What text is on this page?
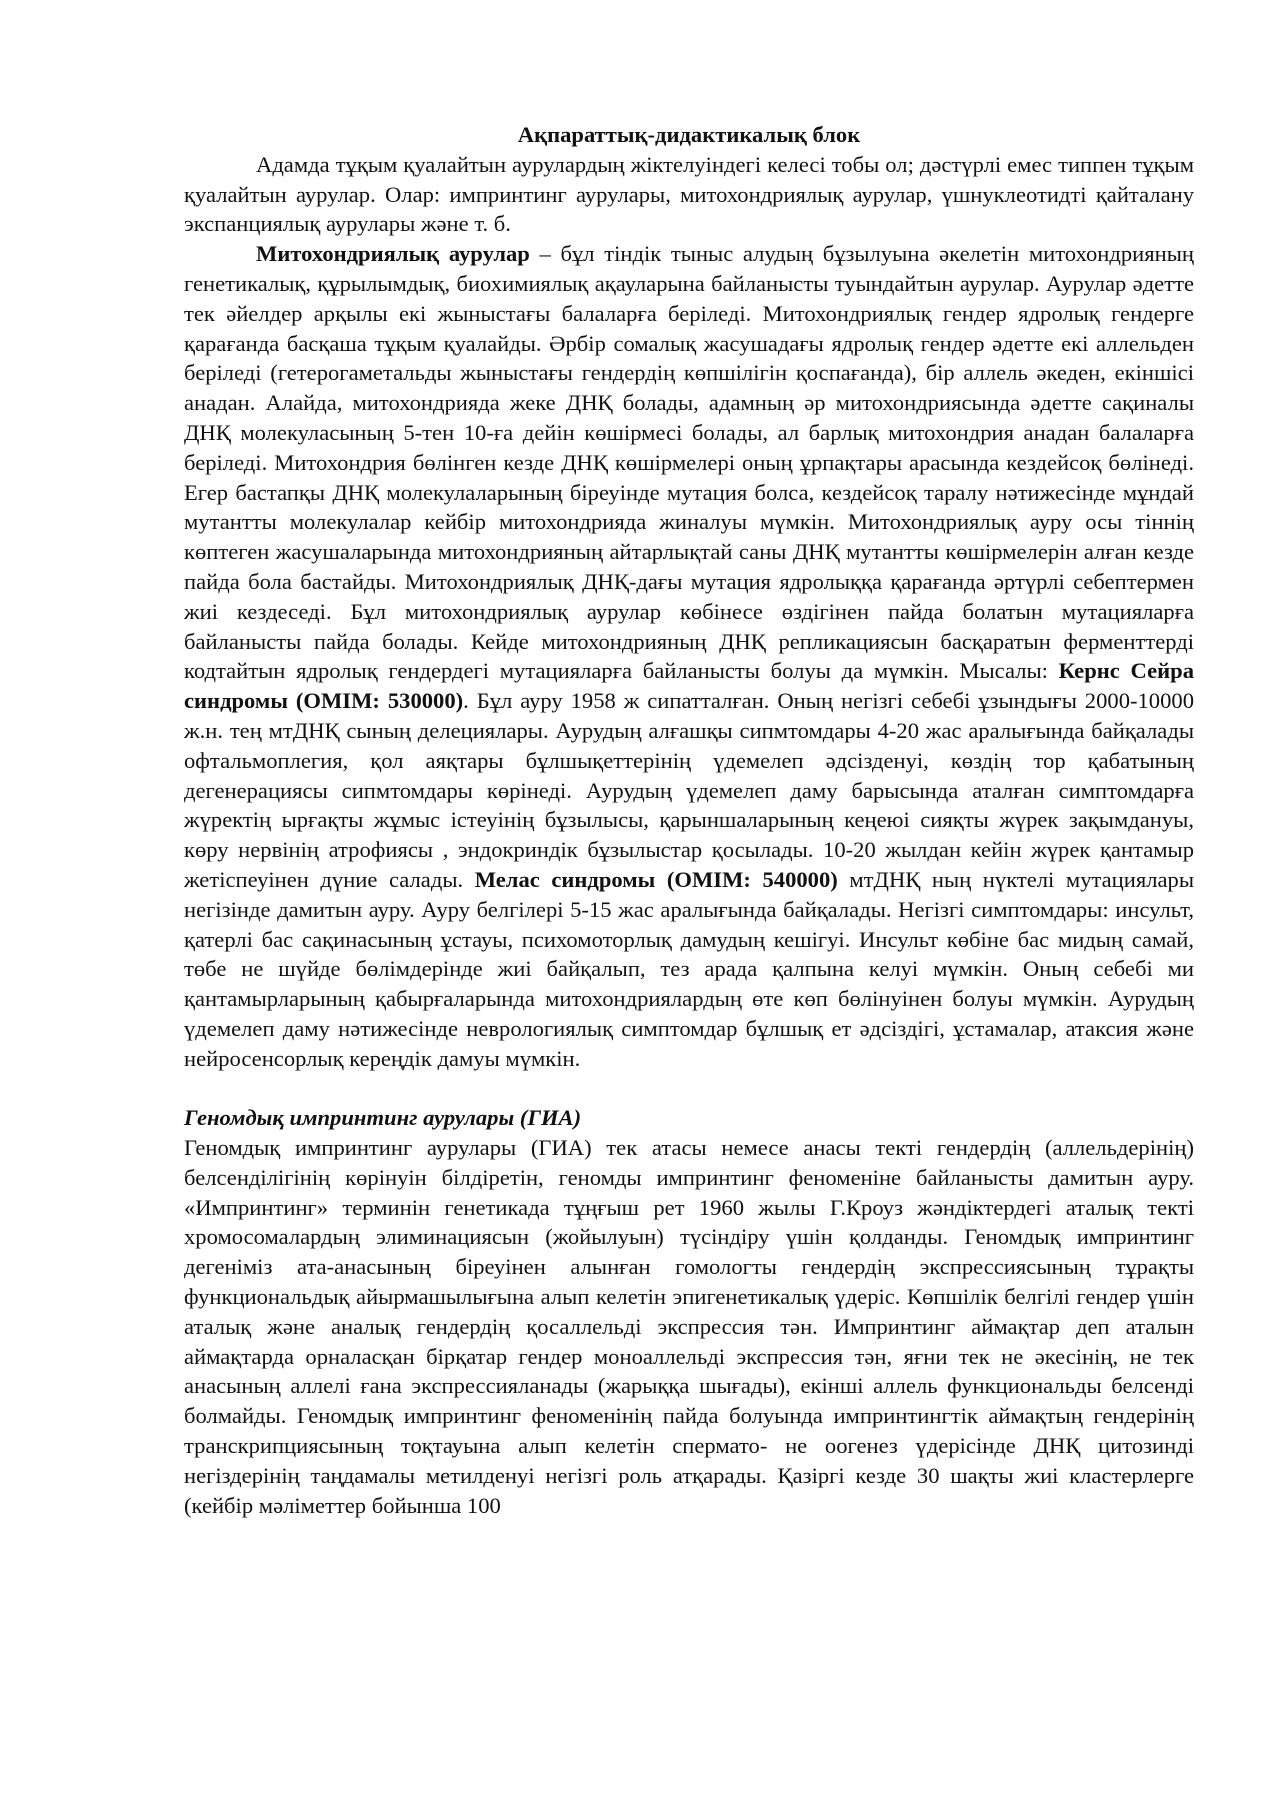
Ақпараттық-дидактикалық блок

Адамда тұқым қуалайтын аурулардың жіктелуіндегі келесі тобы ол; дәстүрлі емес типпен тұқым қуалайтын аурулар. Олар: импринтинг аурулары, митохондриялық аурулар, үшнуклеотидті қайталану экспанциялық аурулары және т. б.

Митохондриялық аурулар – бұл тіндік тыныс алудың бұзылуына әкелетін митохондрияның генетикалық, құрылымдық, биохимиялық ақауларына байланысты туындайтын аурулар. Аурулар әдетте тек әйелдер арқылы екі жыныстағы балаларға беріледі. Митохондриялық гендер ядролық гендерге қарағанда басқаша тұқым қуалайды. Әрбір сомалық жасушадағы ядролық гендер әдетте екі аллельден беріледі (гетерогаметальды жыныстағы гендердің көпшілігін қоспағанда), бір аллель әкеден, екіншісі анадан. Алайда, митохондрияда жеке ДНҚ болады, адамның әр митохондриясында әдетте сақиналы ДНҚ молекуласының 5-тен 10-ға дейін көшірмесі болады, ал барлық митохондрия анадан балаларға беріледі. Митохондрия бөлінген кезде ДНҚ көшірмелері оның ұрпақтары арасында кездейсоқ бөлінеді. Егер бастапқы ДНҚ молекулаларының біреуінде мутация болса, кездейсоқ таралу нәтижесінде мұндай мутантты молекулалар кейбір митохондрияда жиналуы мүмкін. Митохондриялық ауру осы тіннің көптеген жасушаларында митохондрияның айтарлықтай саны ДНҚ мутантты көшірмелерін алған кезде пайда бола бастайды. Митохондриялық ДНҚ-дағы мутация ядролыққа қарағанда әртүрлі себептермен жиі кездеседі. Бұл митохондриялық аурулар көбінесе өздігінен пайда болатын мутацияларға байланысты пайда болады. Кейде митохондрияның ДНҚ репликациясын басқаратын ферменттерді кодтайтын ядролық гендердегі мутацияларға байланысты болуы да мүмкін. Мысалы: Кернс Сейра синдромы (OMIM: 530000). Бұл ауру 1958 ж сипатталған. Оның негізгі себебі ұзындығы 2000-10000 ж.н. тең мтДНҚ сының делециялары. Аурудың алғашқы сипмтомдары 4-20 жас аралығында байқалады офтальмоплегия, қол аяқтары бұлшықеттерінің үдемелеп әдсізденуі, көздің тор қабатының дегенерациясы сипмтомдары көрінеді. Аурудың үдемелеп даму барысында аталған симптомдарға жүректің ырғақты жұмыс істеуінің бұзылысы, қарыншаларының кеңеюі сияқты жүрек зақымдануы, көру нервінің атрофиясы , эндокриндік бұзылыстар қосылады. 10-20 жылдан кейін жүрек қантамыр жетіспеуінен дүние салады. Мелас синдромы (OMIM: 540000) мтДНҚ ның нүктелі мутациялары негізінде дамитын ауру. Ауру белгілері 5-15 жас аралығында байқалады. Негізгі симптомдары: инсульт, қатерлі бас сақинасының ұстауы, психомоторлық дамудың кешігуі. Инсульт көбіне бас мидың самай, төбе не шүйде бөлімдерінде жиі байқалып, тез арада қалпына келуі мүмкін. Оның себебі ми қантамырларының қабырғаларында митохондриялардың өте көп бөлінуінен болуы мүмкін. Аурудың үдемелеп даму нәтижесінде неврологиялық симптомдар бұлшық ет әдсіздігі, ұстамалар, атаксия және нейросенсорлық кереңдік дамуы мүмкін.

Геномдық импринтинг аурулары (ГИА)

Геномдық импринтинг аурулары (ГИА) тек атасы немесе анасы текті гендердің (аллельдерінің) белсенділігінің көрінуін білдіретін, геномды импринтинг феноменіне байланысты дамитын ауру. «Импринтинг» терминін генетикада тұңғыш рет 1960 жылы Г.Кроуз жәндіктердегі аталық текті хромосомалардың элиминациясын (жойылуын) түсіндіру үшін қолданды. Геномдық импринтинг дегеніміз ата-анасының біреуінен алынған гомологты гендердің экспрессиясының тұрақты функциональдық айырмашылығына алып келетін эпигенетикалық үдеріс. Көпшілік белгілі гендер үшін аталық және аналық гендердің қосаллельді экспрессия тән. Импринтинг аймақтар деп аталын аймақтарда орналасқан бірқатар гендер моноаллельді экспрессия тән, яғни тек не әкесінің, не тек анасының аллелі ғана экспрессияланады (жарыққа шығады), екінші аллель функциональды белсенді болмайды. Геномдық импринтинг феноменінің пайда болуында импринтингтік аймақтың гендерінің транскрипциясының тоқтауына алып келетін спермато- не оогенез үдерісінде ДНҚ цитозинді негіздерінің таңдамалы метилденуі негізгі роль атқарады. Қазіргі кезде 30 шақты жиі кластерлерге (кейбір мәліметтер бойынша 100
